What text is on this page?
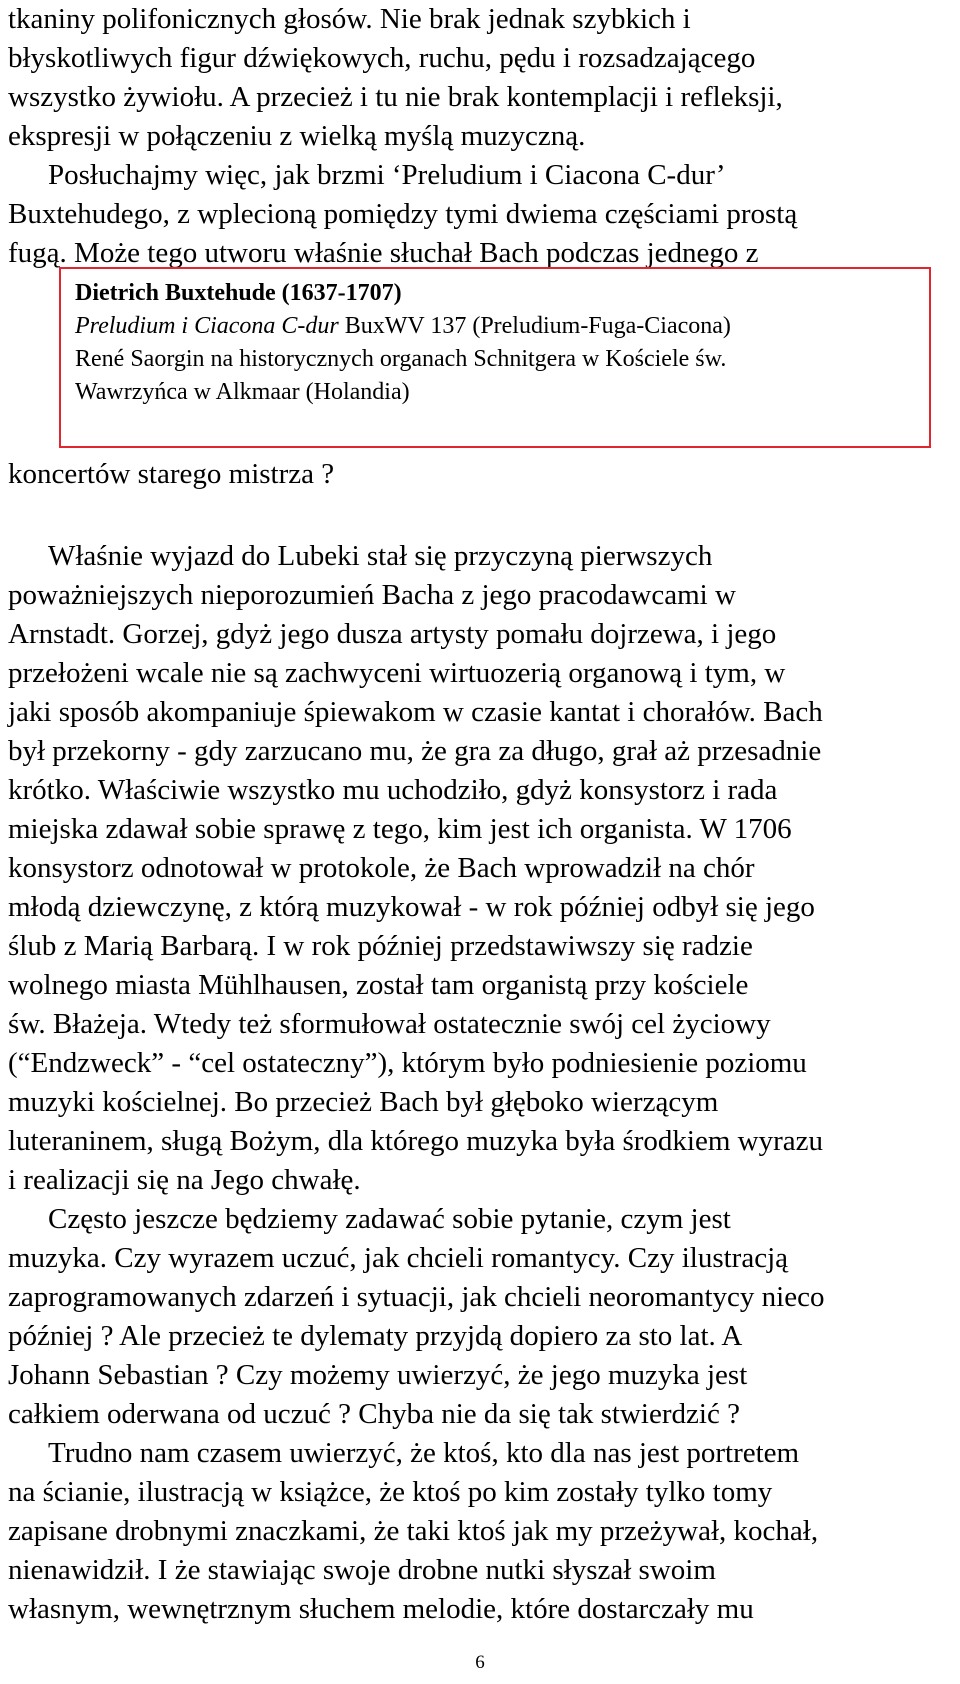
tkaniny polifonicznych głosów. Nie brak jednak szybkich i
błyskotliwych figur dźwiękowych, ruchu, pędu i rozsadzającego
wszystko żywiołu. A przecież i tu nie brak kontemplacji i refleksji,
ekspresji w połączeniu z wielką myślą muzyczną.
Posłuchajmy więc, jak brzmi ‘Preludium i Ciacona C-dur’
Buxtehudego, z wplecioną pomiędzy tymi dwiema częściami prostą
fugą. Może tego utworu właśnie słuchał Bach podczas jednego z
Dietrich Buxtehude (1637-1707)
Preludium i Ciacona C-dur BuxWV 137 (Preludium-Fuga-Ciacona)
René Saorgin na historycznych organach Schnitgera w Kościele św.
Wawrzyńca w Alkmaar (Holandia)
koncertów starego mistrza ?
Właśnie wyjazd do Lubeki stał się przyczyną pierwszych
poważniejszych nieporozumień Bacha z jego pracodawcami w
Arnstadt. Gorzej, gdyż jego dusza artysty pomału dojrzewa, i jego
przełożeni wcale nie są zachwyceni wirtuozerią organową i tym, w
jaki sposób akompaniuje śpiewakom w czasie kantat i chorałów. Bach
był przekorny - gdy zarzucano mu, że gra za długo, grał aż przesadnie
krótko. Właściwie wszystko mu uchodziło, gdyż konsystorz i rada
miejska zdawał sobie sprawę z tego, kim jest ich organista. W 1706
konsystorz odnotował w protokole, że Bach wprowadził na chór
młodą dziewczynę, z którą muzykował - w rok później odbył się jego
ślub z Marią Barbarą. I w rok później przedstawiwszy się radzie
wolnego miasta Mühlhausen, został tam organistą przy kościele
św. Błażeja. Wtedy też sformułował ostatecznie swój cel życiowy
(“Endzweck” - “cel ostateczny”), którym było podniesienie poziomu
muzyki kościelnej. Bo przecież Bach był głęboko wierzącym
luteraninem, sługą Bożym, dla którego muzyka była środkiem wyrazu
i realizacji się na Jego chwałę.
Często jeszcze będziemy zadawać sobie pytanie, czym jest
muzyka. Czy wyrazem uczuć, jak chcieli romantycy. Czy ilustracją
zaprogramowanych zdarzeń i sytuacji, jak chcieli neoromantycy nieco
później ? Ale przecież te dylematy przyjdą dopiero za sto lat. A
Johann Sebastian ? Czy możemy uwierzyć, że jego muzyka jest
całkiem oderwana od uczuć ? Chyba nie da się tak stwierdzić ?
Trudno nam czasem uwierzyć, że ktoś, kto dla nas jest portretem
na ścianie, ilustracją w książce, że ktoś po kim zostały tylko tomy
zapisane drobnymi znaczkami, że taki ktoś jak my przeżywał, kochał,
nienawidził. I że stawiając swoje drobne nutki słyszał swoim
własnym, wewnętrznym słuchem melodie, które dostarczały mu
6
